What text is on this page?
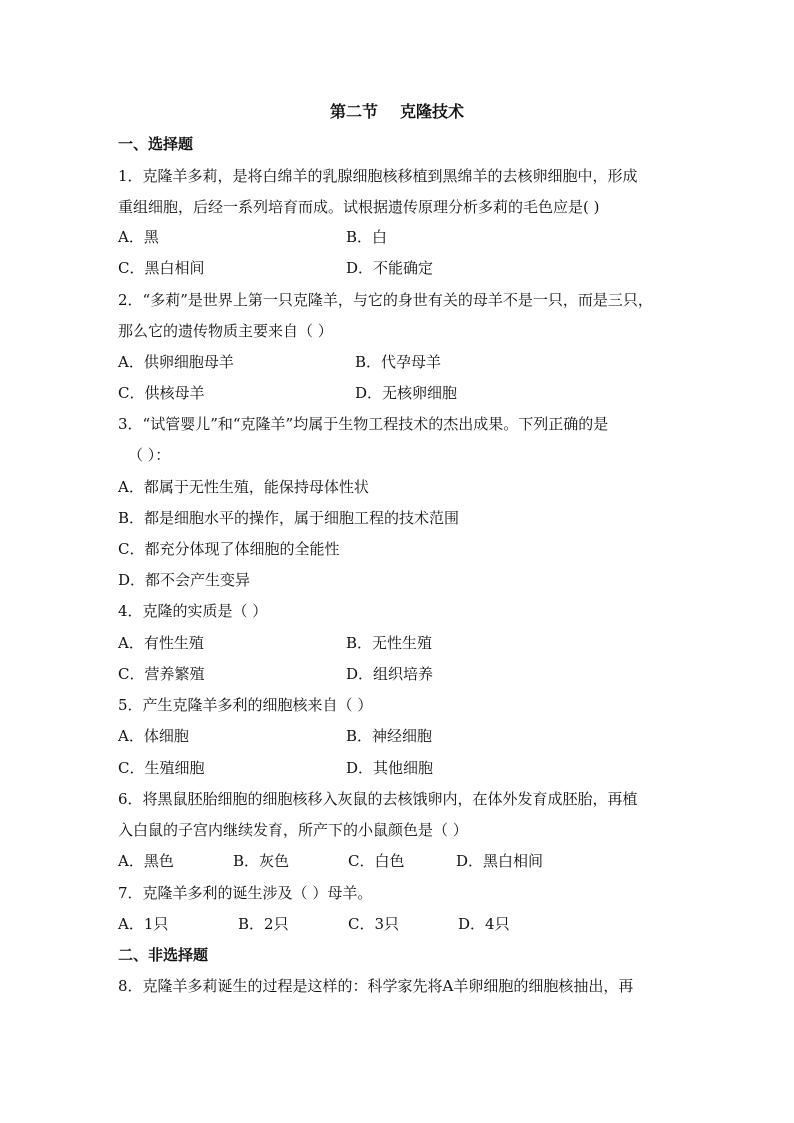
第二节 克隆技术
一、选择题
1．克隆羊多莉，是将白绵羊的乳腺细胞核移植到黑绵羊的去核卵细胞中，形成
重组细胞，后经一系列培育而成。试根据遗传原理分析多莉的毛色应是( )
A．黑	B．白
C．黑白相间	D．不能确定
2．“多莉”是世界上第一只克隆羊，与它的身世有关的母羊不是一只，而是三只，
那么它的遗传物质主要来自（ ）
A．供卵细胞母羊	B．代孕母羊
C．供核母羊	D．无核卵细胞
3．“试管婴儿”和“克隆羊”均属于生物工程技术的杰出成果。下列正确的是
（ ）：
A．都属于无性生殖，能保持母体性状
B．都是细胞水平的操作，属于细胞工程的技术范围
C．都充分体现了体细胞的全能性
D．都不会产生变异
4．克隆的实质是（ ）
A．有性生殖	B．无性生殖
C．营养繁殖	D．组织培养
5．产生克隆羊多利的细胞核来自（ ）
A．体细胞	B．神经细胞
C．生殖细胞	D．其他细胞
6．将黑鼠胚胎细胞的细胞核移入灰鼠的去核饿卵内，在体外发育成胚胎，再植
入白鼠的子宫内继续发育，所产下的小鼠颜色是（ ）
A．黑色	B．灰色	C．白色	D．黑白相间
7．克隆羊多利的诞生涉及（ ）母羊。
A．1只	B．2只	C．3只	D．4只
二、非选择题
8．克隆羊多莉诞生的过程是这样的：科学家先将A羊卵细胞的细胞核抽出，再
